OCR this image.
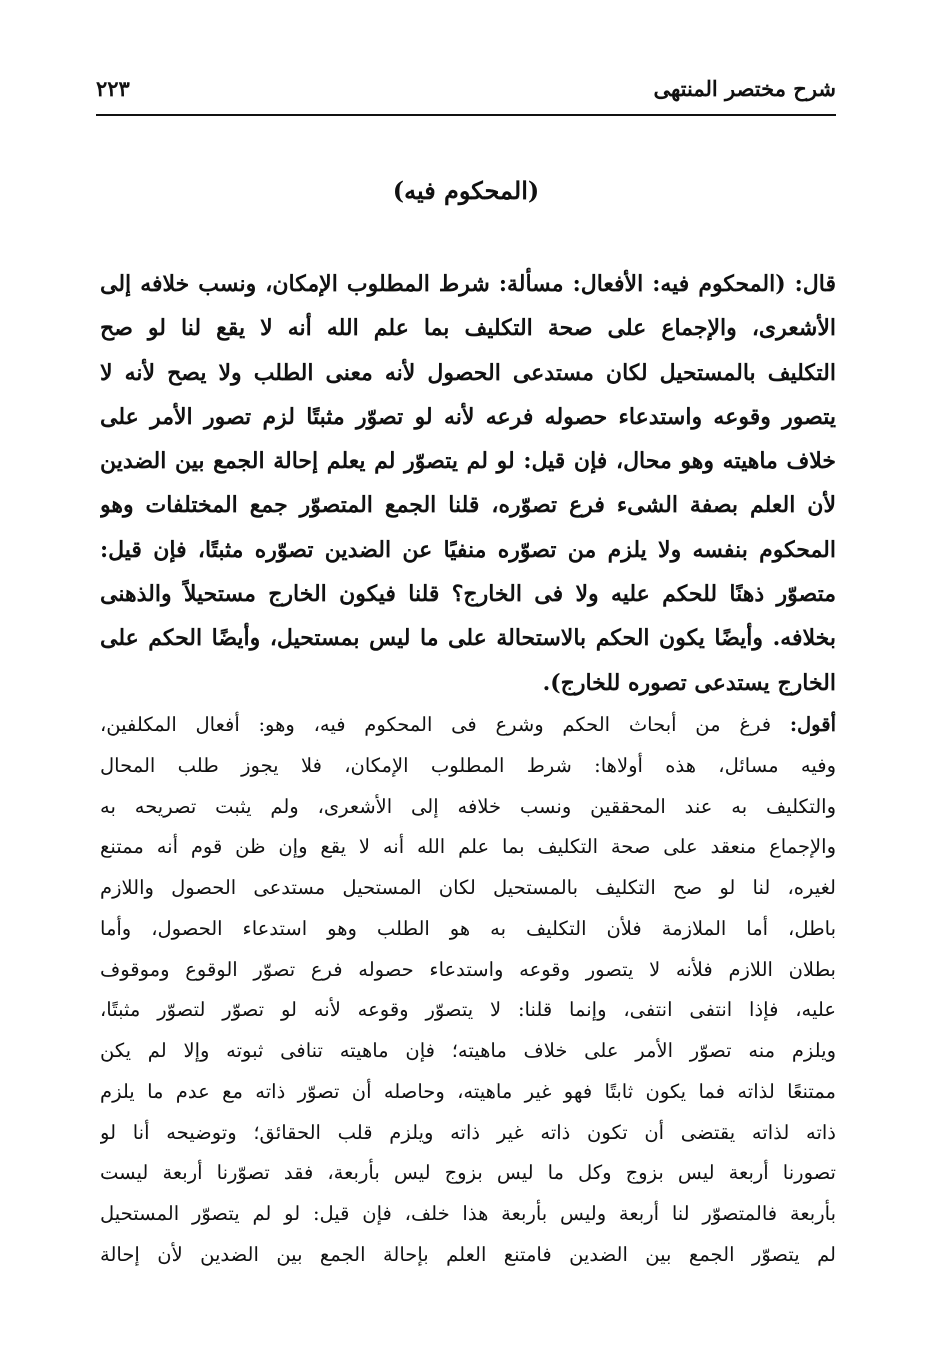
شرح مختصر المنتهى
٢٢٣
(المحكوم فيه)
قال: (المحكوم فيه: الأفعال: مسألة: شرط المطلوب الإمكان، ونسب خلافه إلى
الأشعرى، والإجماع على صحة التكليف بما علم الله أنه لا يقع لنا لو صح
التكليف بالمستحيل لكان مستدعى الحصول لأنه معنى الطلب ولا يصح لأنه لا
يتصور وقوعه واستدعاء حصوله فرعه لأنه لو تصوّر مثبتًا لزم تصور الأمر على
خلاف ماهيته وهو محال، فإن قيل: لو لم يتصوّر لم يعلم إحالة الجمع بين الضدين
لأن العلم بصفة الشىء فرع تصوّره، قلنا الجمع المتصوّر جمع المختلفات وهو
المحكوم بنفسه ولا يلزم من تصوّره منفيًا عن الضدين تصوّره مثبتًا، فإن قيل:
متصوّر ذهنًا للحكم عليه ولا فى الخارج؟ قلنا فيكون الخارج مستحيلاً والذهنى
بخلافه. وأيضًا يكون الحكم بالاستحالة على ما ليس بمستحيل، وأيضًا الحكم على
الخارج يستدعى تصوره للخارج).
أقول: فرغ من أبحاث الحكم وشرع فى المحكوم فيه، وهو: أفعال المكلفين،
وفيه مسائل، هذه أولاها: شرط المطلوب الإمكان، فلا يجوز طلب المحال
والتكليف به عند المحققين ونسب خلافه إلى الأشعرى، ولم يثبت تصريحه به
والإجماع منعقد على صحة التكليف بما علم الله أنه لا يقع وإن ظن قوم أنه ممتنع
لغيره، لنا لو صح التكليف بالمستحيل لكان المستحيل مستدعى الحصول واللازم
باطل، أما الملازمة فلأن التكليف به هو الطلب وهو استدعاء الحصول، وأما
بطلان اللازم فلأنه لا يتصور وقوعه واستدعاء حصوله فرع تصوّر الوقوع وموقوف
عليه، فإذا انتفى انتفى، وإنما قلنا: لا يتصوّر وقوعه لأنه لو تصوّر لتصوّر مثبتًا،
ويلزم منه تصوّر الأمر على خلاف ماهيته؛ فإن ماهيته تنافى ثبوته وإلا لم يكن
ممتنعًا لذاته فما يكون ثابتًا فهو غير ماهيته، وحاصله أن تصوّر ذاته مع عدم ما يلزم
ذاته لذاته يقتضى أن تكون ذاته غير ذاته ويلزم قلب الحقائق؛ وتوضيحه أنا لو
تصورنا أربعة ليس بزوج وكل ما ليس بزوج ليس بأربعة، فقد تصوّرنا أربعة ليست
بأربعة فالمتصوّر لنا أربعة وليس بأربعة هذا خلف، فإن قيل: لو لم يتصوّر المستحيل
لم يتصوّر الجمع بين الضدين فامتنع العلم بإحالة الجمع بين الضدين لأن إحالة
